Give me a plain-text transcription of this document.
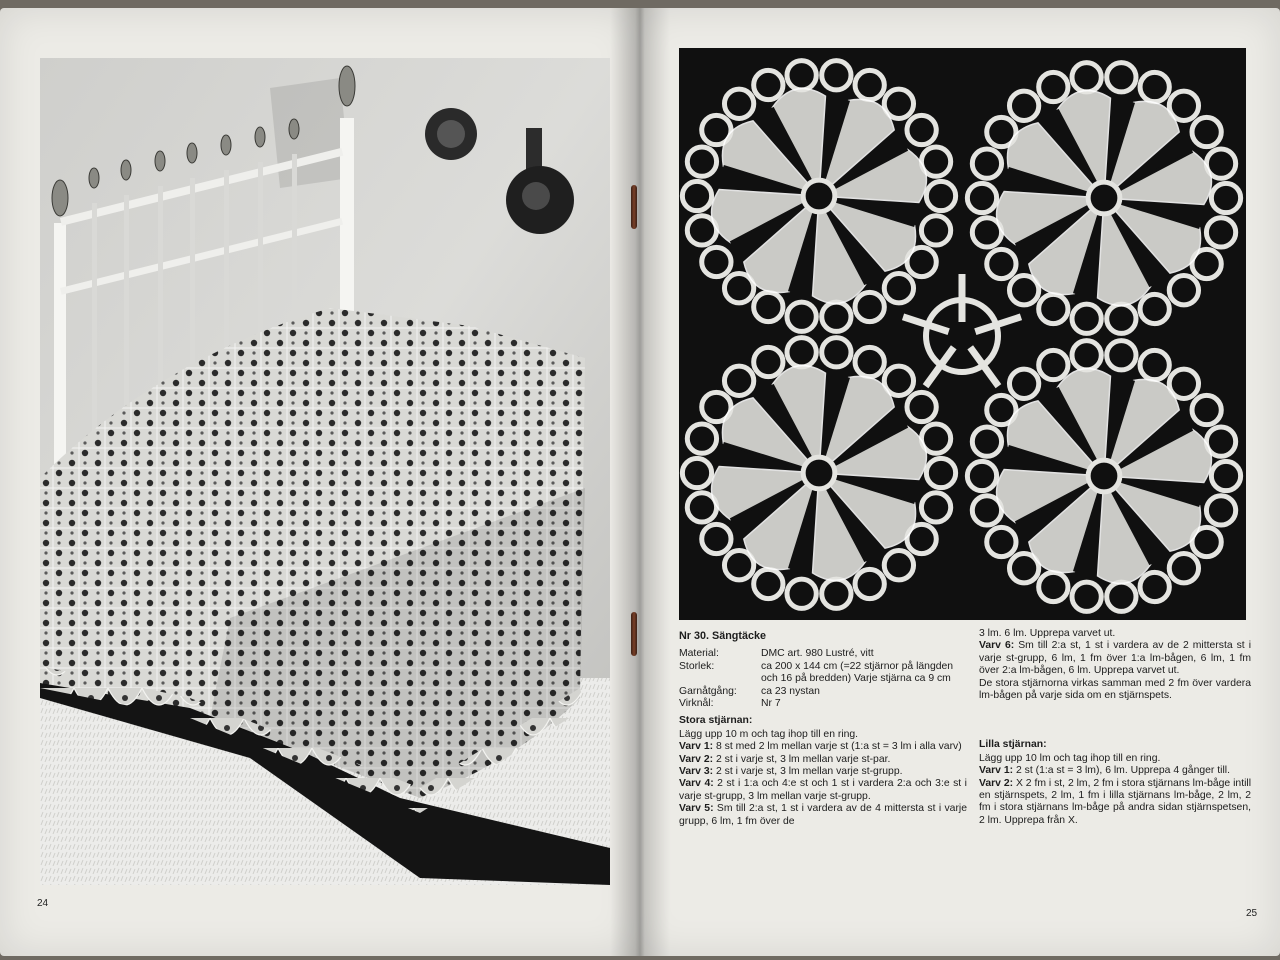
24
Nr 30. Sängtäcke
Material:	DMC art. 980 Lustré, vitt
Storlek:	ca 200 x 144 cm (=22 stjärnor på längden och 16 på bredden) Varje stjärna ca 9 cm
Garnåtgång:	ca 23 nystan
Virknål:	Nr 7
Stora stjärnan:

Lägg upp 10 m och tag ihop till en ring.

Varv 1: 8 st med 2 lm mellan varje st (1:a st = 3 lm i alla varv)

Varv 2: 2 st i varje st, 3 lm mellan varje st-par.

Varv 3: 2 st i varje st, 3 lm mellan varje st-grupp.

Varv 4: 2 st i 1:a och 4:e st och 1 st i vardera 2:a och 3:e st i varje st-grupp, 3 lm mellan varje st-grupp.

Varv 5: Sm till 2:a st, 1 st i vardera av de 4 mittersta st i varje grupp, 6 lm, 1 fm över de

3 lm. 6 lm. Upprepa varvet ut.

Varv 6: Sm till 2:a st, 1 st i vardera av de 2 mittersta st i varje st-grupp, 6 lm, 1 fm över 1:a lm-bågen, 6 lm, 1 fm över 2:a lm-bågen, 6 lm. Upprepa varvet ut.

De stora stjärnorna virkas samman med 2 fm över vardera lm-bågen på varje sida om en stjärnspets.

Lilla stjärnan:

Lägg upp 10 lm och tag ihop till en ring.

Varv 1: 2 st (1:a st = 3 lm), 6 lm. Upprepa 4 gånger till.

Varv 2: X 2 fm i st, 2 lm, 2 fm i stora stjärnans lm-båge intill en stjärnspets, 2 lm, 1 fm i lilla stjärnans lm-båge, 2 lm, 2 fm i stora stjärnans lm-båge på andra sidan stjärnspetsen, 2 lm. Upprepa från X.

25
